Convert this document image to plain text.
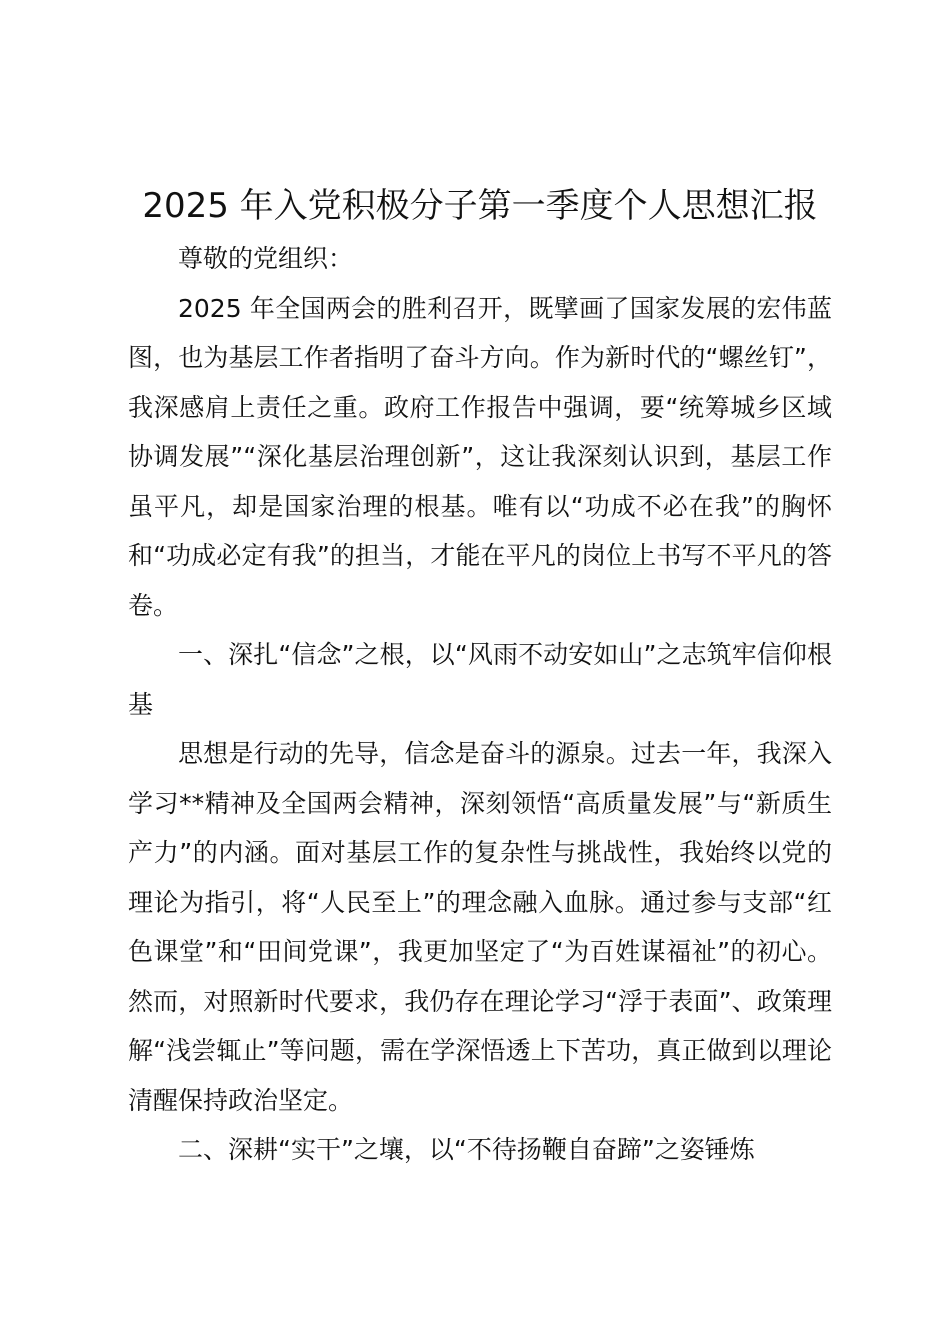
2025 年入党积极分子第一季度个人思想汇报

尊敬的党组织：

2025 年全国两会的胜利召开，既擘画了国家发展的宏伟蓝图，也为基层工作者指明了奋斗方向。作为新时代的“螺丝钉”，我深感肩上责任之重。政府工作报告中强调，要“统筹城乡区域协调发展”“深化基层治理创新”，这让我深刻认识到，基层工作虽平凡，却是国家治理的根基。唯有以“功成不必在我”的胸怀和“功成必定有我”的担当，才能在平凡的岗位上书写不平凡的答卷。

一、深扎“信念”之根，以“风雨不动安如山”之志筑牢信仰根基

思想是行动的先导，信念是奋斗的源泉。过去一年，我深入学习**精神及全国两会精神，深刻领悟“高质量发展”与“新质生产力”的内涵。面对基层工作的复杂性与挑战性，我始终以党的理论为指引，将“人民至上”的理念融入血脉。通过参与支部“红色课堂”和“田间党课”，我更加坚定了“为百姓谋福祉”的初心。然而，对照新时代要求，我仍存在理论学习“浮于表面”、政策理解“浅尝辄止”等问题，需在学深悟透上下苦功，真正做到以理论清醒保持政治坚定。

二、深耕“实干”之壤，以“不待扬鞭自奋蹄”之姿锤炼
